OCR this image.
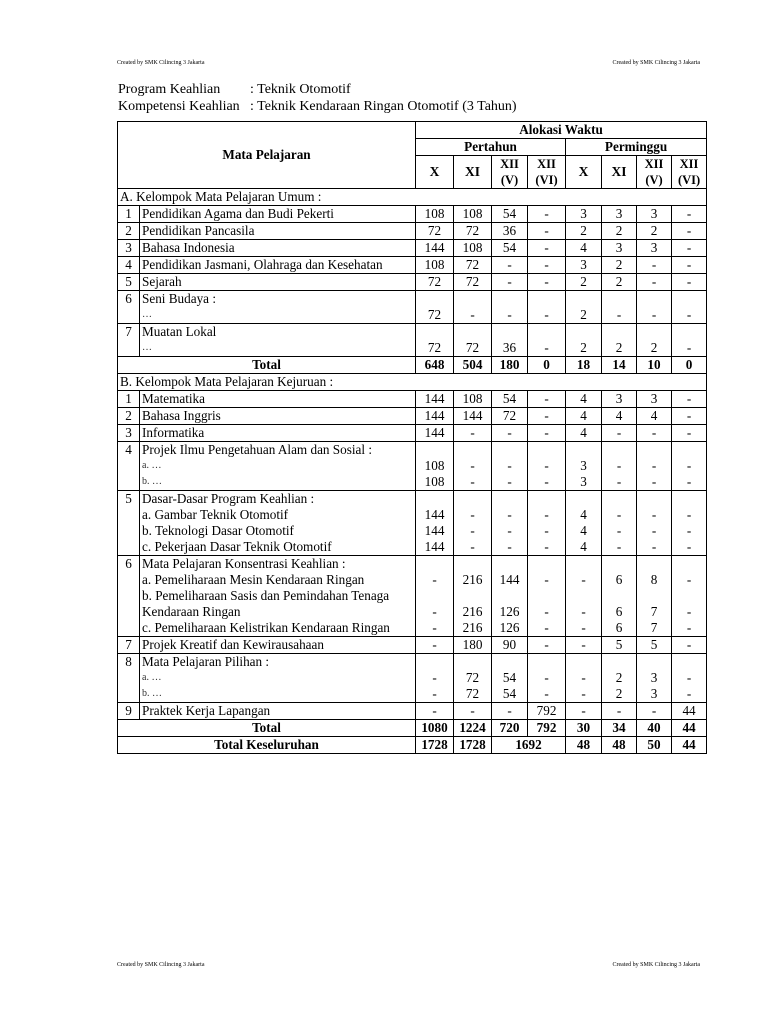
Created by SMK Cilincing 3 Jakarta	Created by SMK Cilincing 3 Jakarta
Program Keahlian : Teknik Otomotif
Kompetensi Keahlian : Teknik Kendaraan Ringan Otomotif (3 Tahun)
Mata Pelajaran		Alokasi Waktu							
		Pertahun				Perminggu			
		X	XI	XII (V)	XII (VI)	X	XI	XII (V)	XII (VI)
A. Kelompok Mata Pelajaran Umum :									
1	Pendidikan Agama dan Budi Pekerti	108	108	54	-	3	3	3	-
2	Pendidikan Pancasila	72	72	36	-	2	2	2	-
3	Bahasa Indonesia	144	108	54	-	4	3	3	-
4	Pendidikan Jasmani, Olahraga dan Kesehatan	108	72	-	-	3	2	-	-
5	Sejarah	72	72	-	-	2	2	-	-
6	Seni Budaya :								
	…	72	-	-	-	2	-	-	-
7	Muatan Lokal								
	…	72	72	36	-	2	2	2	-
Total		648	504	180	0	18	14	10	0
B. Kelompok Mata Pelajaran Kejuruan :									
1	Matematika	144	108	54	-	4	3	3	-
2	Bahasa Inggris	144	144	72	-	4	4	4	-
3	Informatika	144	-	-	-	4	-	-	-
4	Projek Ilmu Pengetahuan Alam dan Sosial :								
	a. …	108	-	-	-	3	-	-	-
	b. …	108	-	-	-	3	-	-	-
5	Dasar-Dasar Program Keahlian :								
	a. Gambar Teknik Otomotif	144	-	-	-	4	-	-	-
	b. Teknologi Dasar Otomotif	144	-	-	-	4	-	-	-
	c. Pekerjaan Dasar Teknik Otomotif	144	-	-	-	4	-	-	-
6	Mata Pelajaran Konsentrasi Keahlian :								
	a. Pemeliharaan Mesin Kendaraan Ringan	-	216	144	-	-	6	8	-
	b. Pemeliharaan Sasis dan Pemindahan Tenaga								
	Kendaraan Ringan	-	216	126	-	-	6	7	-
	c. Pemeliharaan Kelistrikan Kendaraan Ringan	-	216	126	-	-	6	7	-
7	Projek Kreatif dan Kewirausahaan	-	180	90	-	-	5	5	-
8	Mata Pelajaran Pilihan :								
	a. …	-	72	54	-	-	2	3	-
	b. …	-	72	54	-	-	2	3	-
9	Praktek Kerja Lapangan	-	-	-	792	-	-	-	44
Total		1080	1224	720	792	30	34	40	44
Total Keseluruhan		1728	1728	1692		48	48	50	44
Created by SMK Cilincing 3 Jakarta	Created by SMK Cilincing 3 Jakarta
